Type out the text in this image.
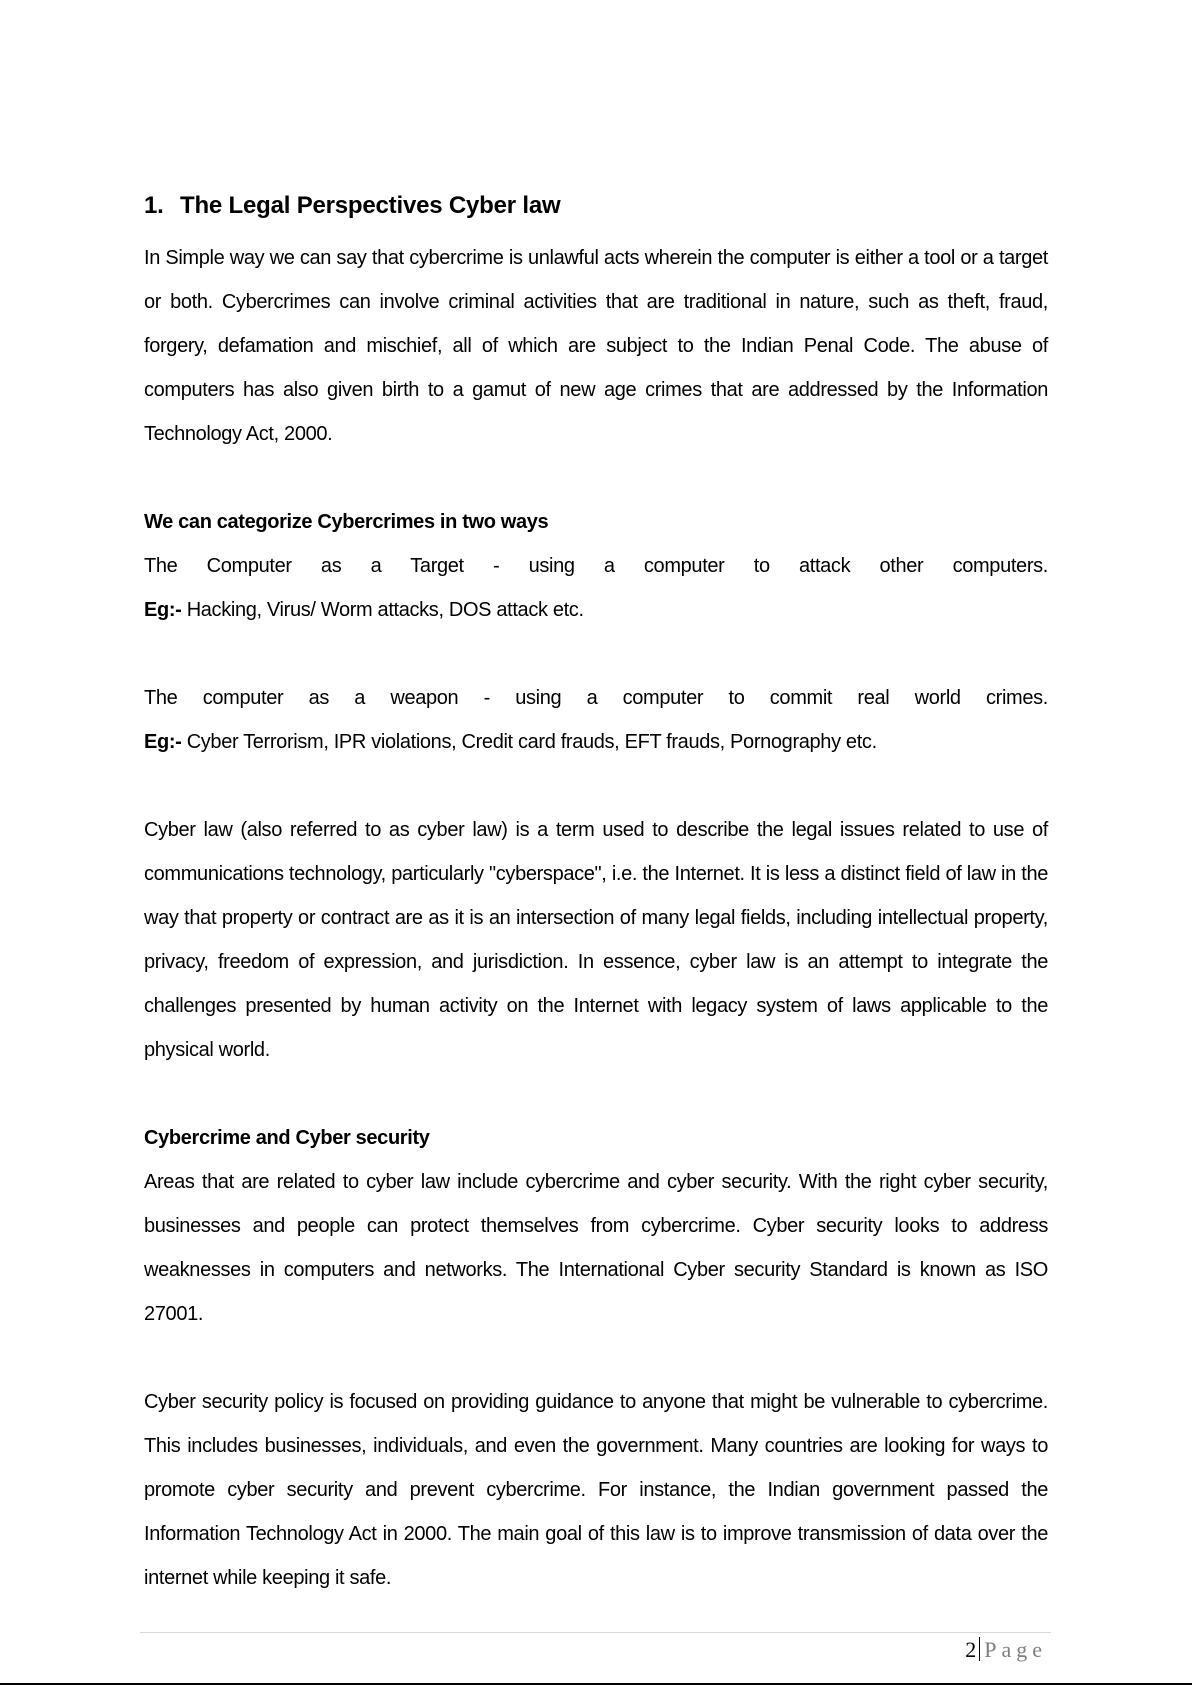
1. The Legal Perspectives Cyber law

In Simple way we can say that cybercrime is unlawful acts wherein the computer is either a tool or a target or both. Cybercrimes can involve criminal activities that are traditional in nature, such as theft, fraud, forgery, defamation and mischief, all of which are subject to the Indian Penal Code. The abuse of computers has also given birth to a gamut of new age crimes that are addressed by the Information Technology Act, 2000.

We can categorize Cybercrimes in two ways

The Computer as a Target - using a computer to attack other computers.

Eg:- Hacking, Virus/ Worm attacks, DOS attack etc.

The computer as a weapon - using a computer to commit real world crimes.

Eg:- Cyber Terrorism, IPR violations, Credit card frauds, EFT frauds, Pornography etc.

Cyber law (also referred to as cyber law) is a term used to describe the legal issues related to use of communications technology, particularly "cyberspace", i.e. the Internet. It is less a distinct field of law in the way that property or contract are as it is an intersection of many legal fields, including intellectual property, privacy, freedom of expression, and jurisdiction. In essence, cyber law is an attempt to integrate the challenges presented by human activity on the Internet with legacy system of laws applicable to the physical world.

Cybercrime and Cyber security

Areas that are related to cyber law include cybercrime and cyber security. With the right cyber security, businesses and people can protect themselves from cybercrime. Cyber security looks to address weaknesses in computers and networks. The International Cyber security Standard is known as ISO 27001.

Cyber security policy is focused on providing guidance to anyone that might be vulnerable to cybercrime. This includes businesses, individuals, and even the government. Many countries are looking for ways to promote cyber security and prevent cybercrime. For instance, the Indian government passed the Information Technology Act in 2000. The main goal of this law is to improve transmission of data over the internet while keeping it safe.

2 Page
